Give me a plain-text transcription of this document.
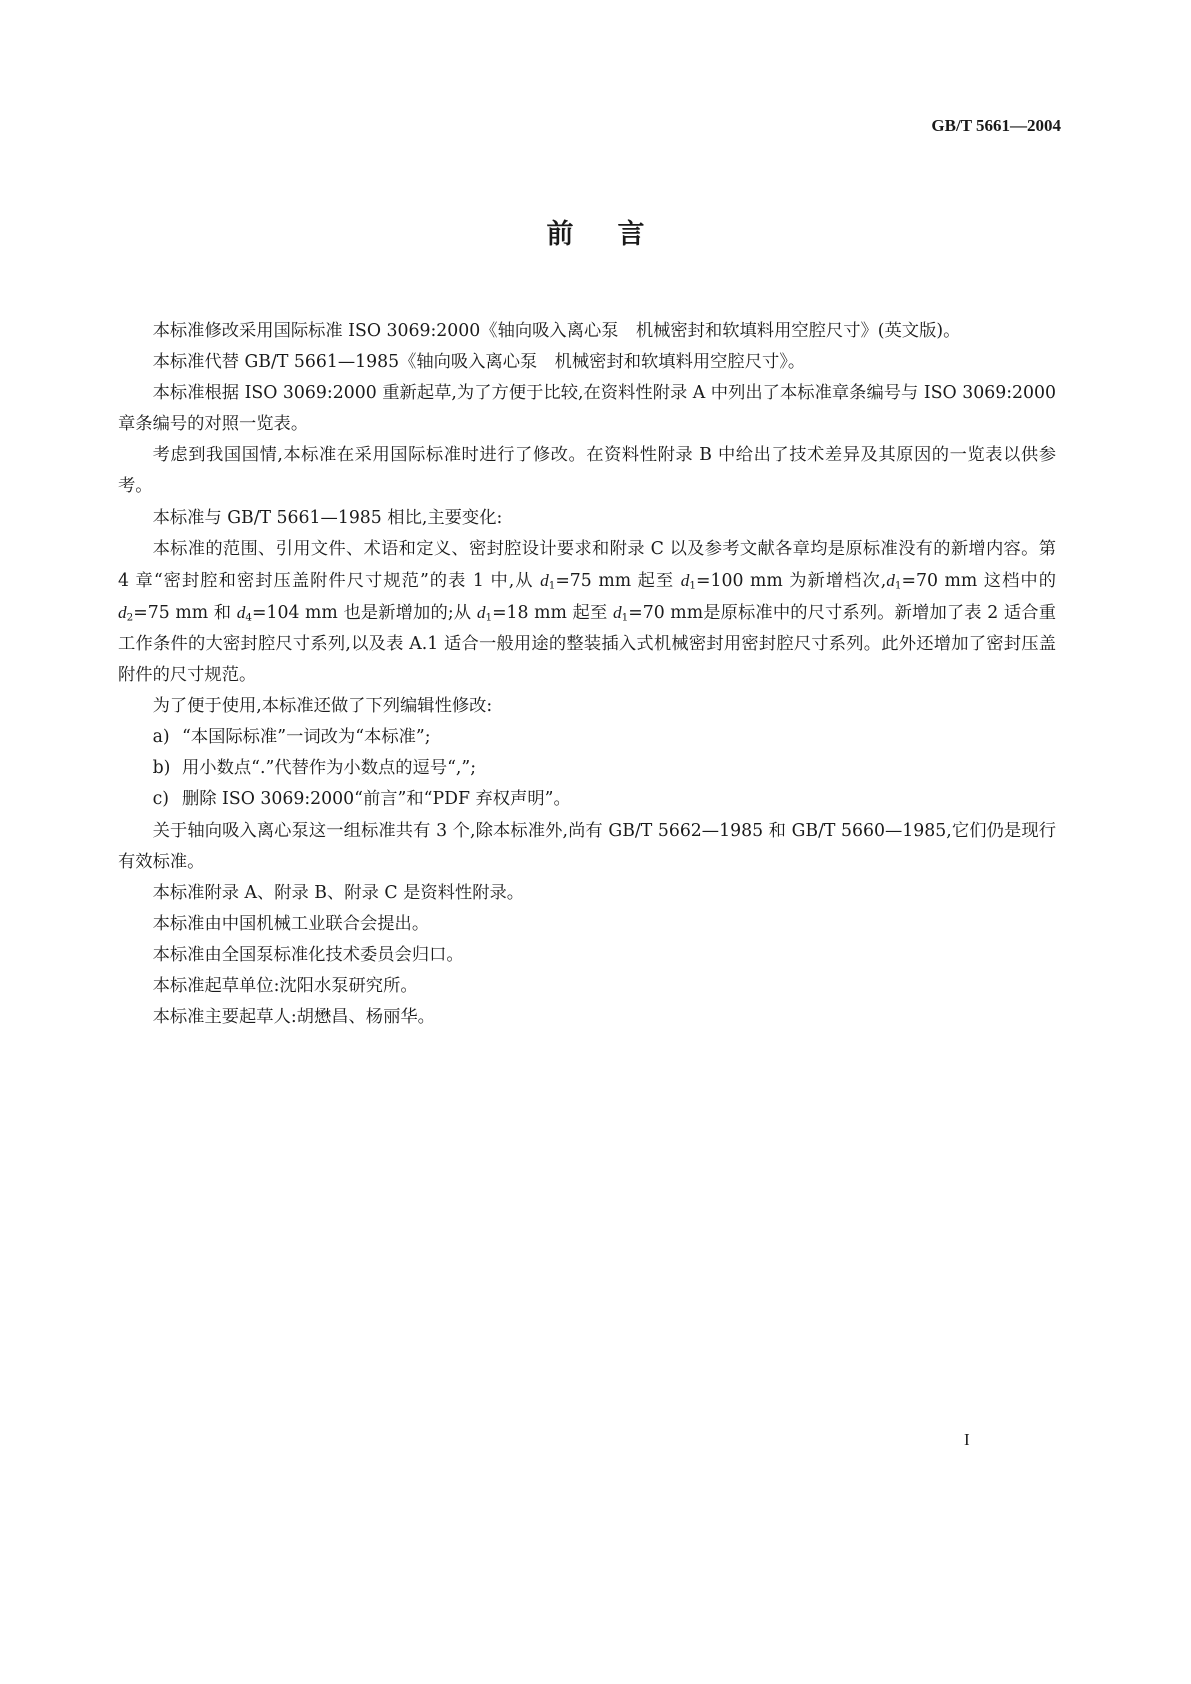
GB/T 5661—2004
前 言

本标准修改采用国际标准 ISO 3069:2000《轴向吸入离心泵　机械密封和软填料用空腔尺寸》(英文版)。

本标准代替 GB/T 5661—1985《轴向吸入离心泵　机械密封和软填料用空腔尺寸》。

本标准根据 ISO 3069:2000 重新起草,为了方便于比较,在资料性附录 A 中列出了本标准章条编号与 ISO 3069:2000 章条编号的对照一览表。

考虑到我国国情,本标准在采用国际标准时进行了修改。在资料性附录 B 中给出了技术差异及其原因的一览表以供参考。

本标准与 GB/T 5661—1985 相比,主要变化:

本标准的范围、引用文件、术语和定义、密封腔设计要求和附录 C 以及参考文献各章均是原标准没有的新增内容。第 4 章“密封腔和密封压盖附件尺寸规范”的表 1 中,从 $d_1=75$ mm 起至 $d_1=100$ mm 为新增档次$,d_1=70$ mm 这档中的 $d_2=75$ mm 和 $d_4=104$ mm 也是新增加的;从 $d_1=18$ mm 起至 $d_1=70$ mm是原标准中的尺寸系列。新增加了表 2 适合重工作条件的大密封腔尺寸系列,以及表 A.1 适合一般用途的整装插入式机械密封用密封腔尺寸系列。此外还增加了密封压盖附件的尺寸规范。

为了便于使用,本标准还做了下列编辑性修改:

a) “本国际标准”一词改为“本标准”;

b) 用小数点“.”代替作为小数点的逗号“,”;

c) 删除 ISO 3069:2000“前言”和“PDF 弃权声明”。

关于轴向吸入离心泵这一组标准共有 3 个,除本标准外,尚有 GB/T 5662—1985 和 GB/T 5660—1985,它们仍是现行有效标准。

本标准附录 A、附录 B、附录 C 是资料性附录。

本标准由中国机械工业联合会提出。

本标准由全国泵标准化技术委员会归口。

本标准起草单位:沈阳水泵研究所。

本标准主要起草人:胡懋昌、杨丽华。

I
